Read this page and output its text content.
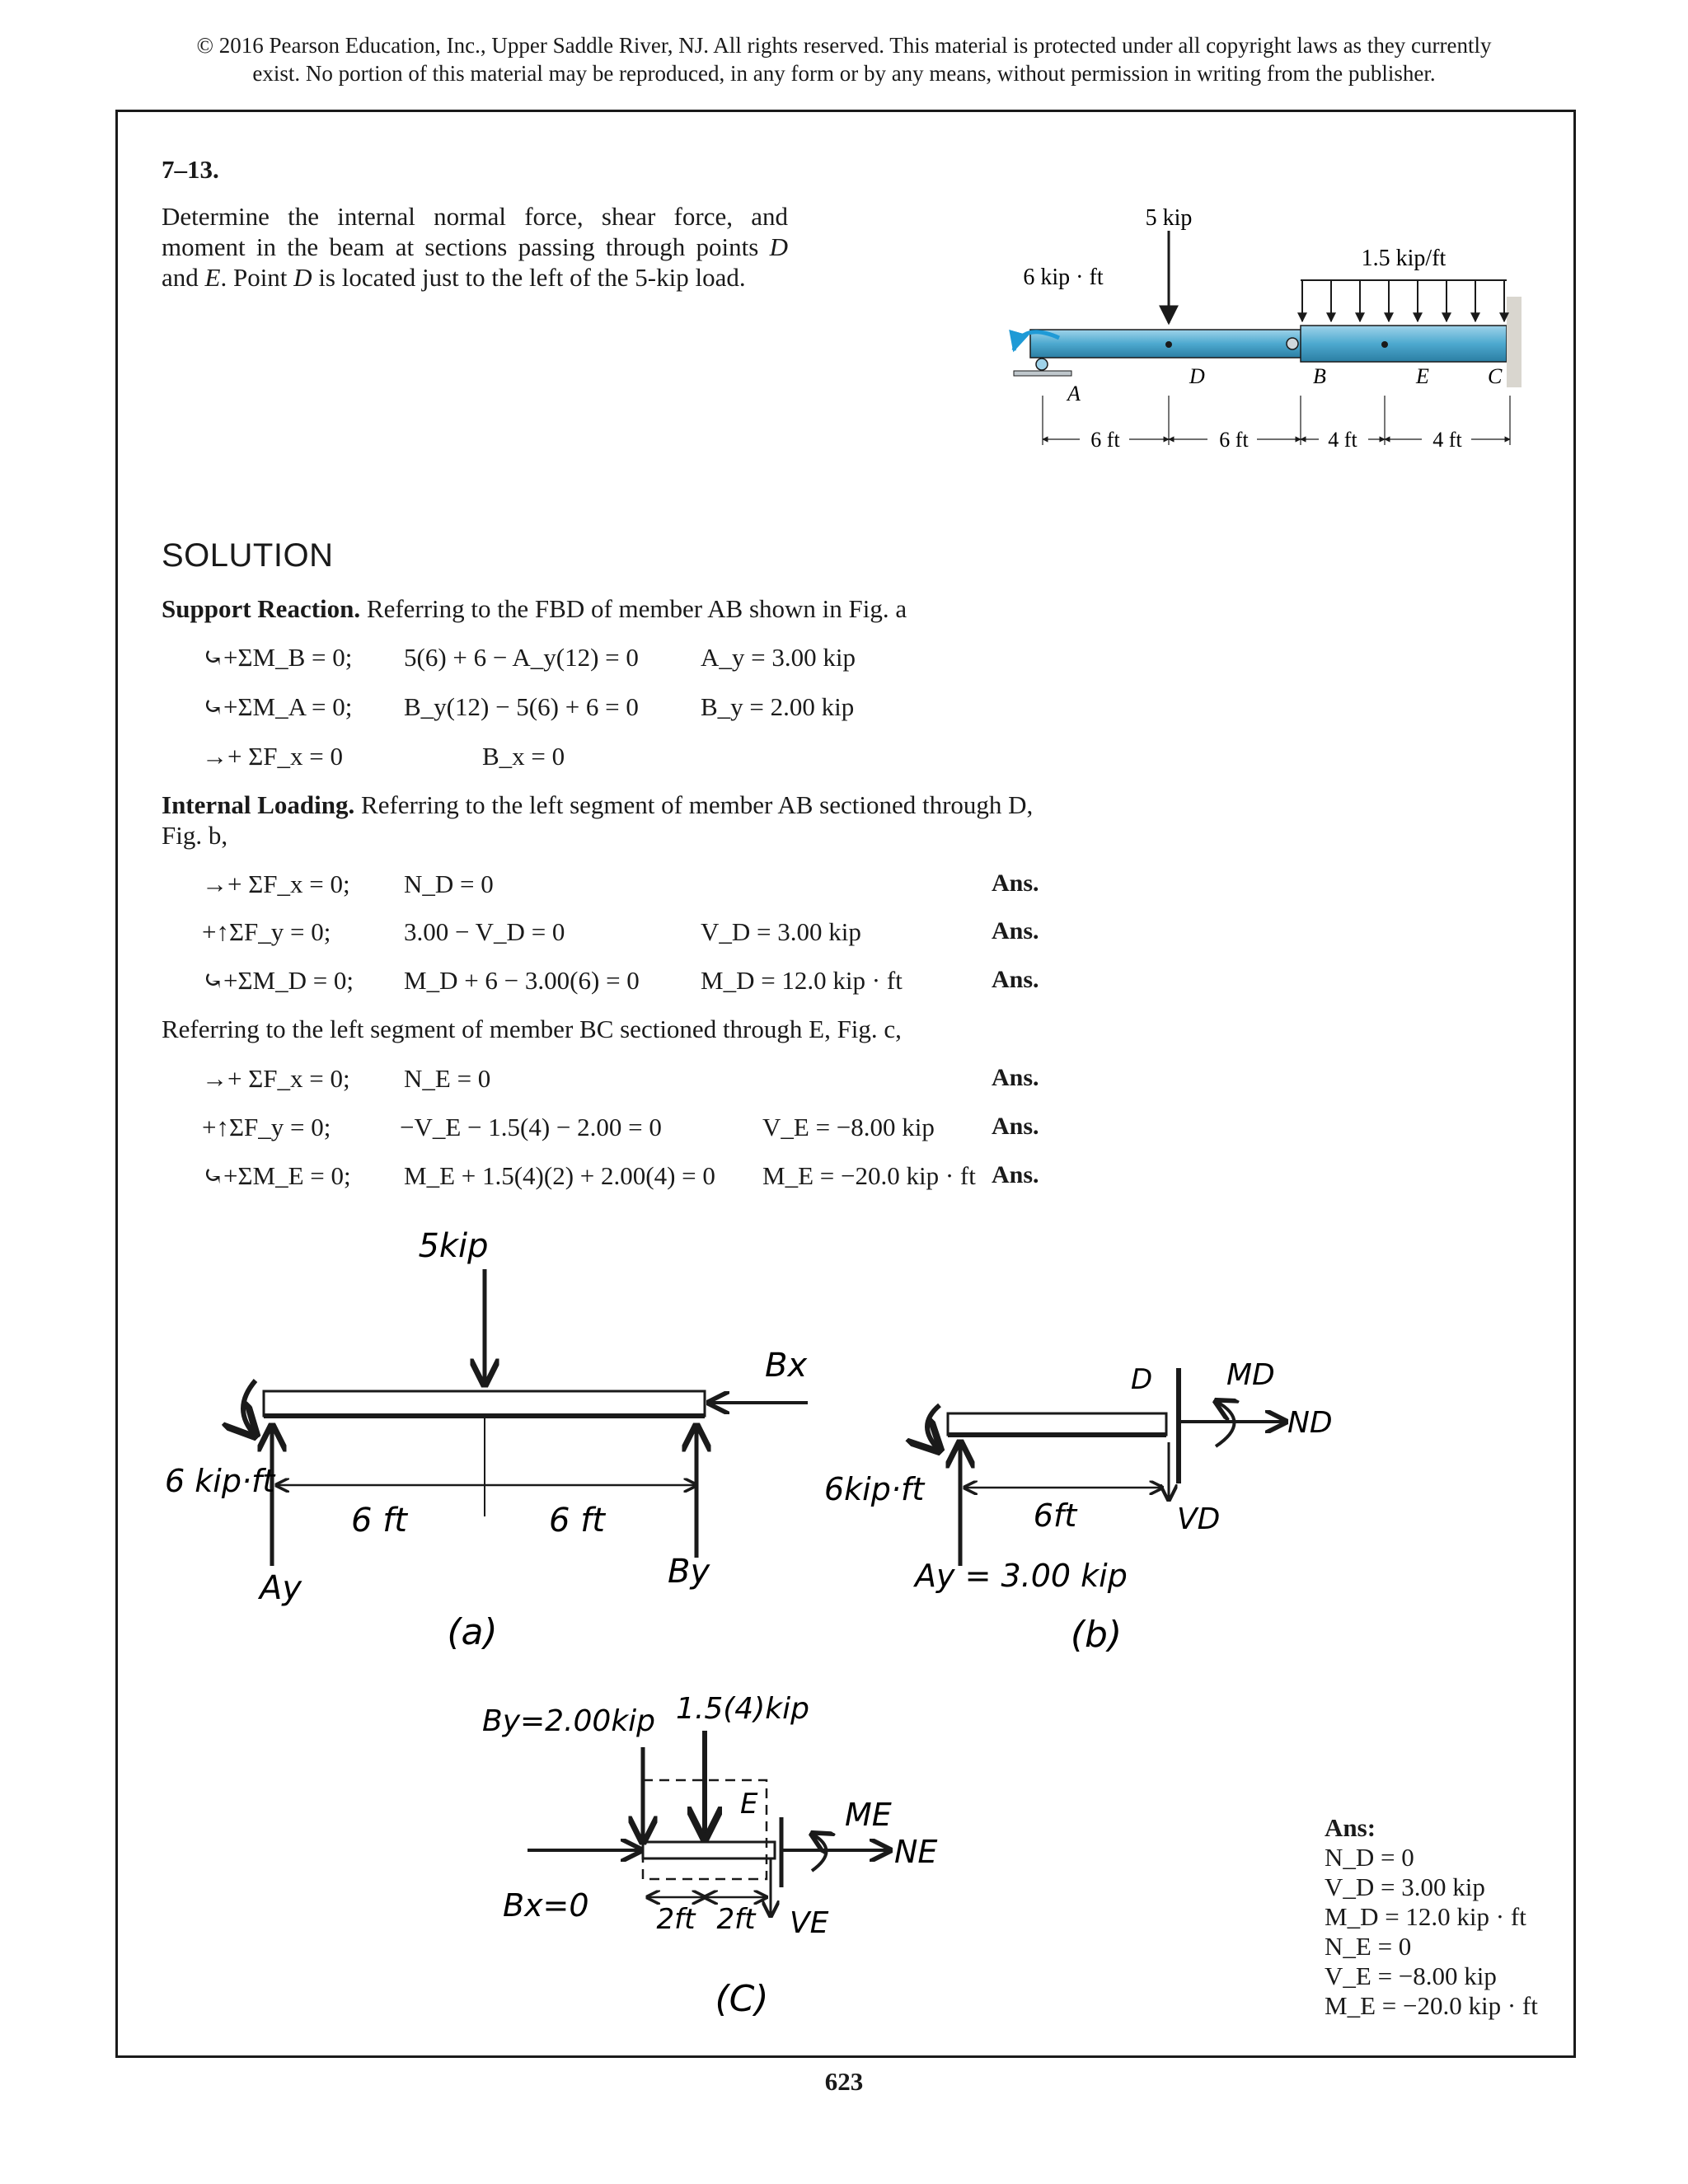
© 2016 Pearson Education, Inc., Upper Saddle River, NJ. All rights reserved. This material is protected under all copyright laws as they currently
exist. No portion of this material may be reproduced, in any form or by any means, without permission in writing from the publisher.
7–13.
Determine the internal normal force, shear force, and moment in the beam at sections passing through points D and E. Point D is located just to the left of the 5-kip load.
5 kip
1.5 kip/ft
6 kip · ft
A
D	B	E	C
6 ft	6 ft	4 ft	4 ft
SOLUTION
Support Reaction. Referring to the FBD of member AB shown in Fig. a
⤿+ΣM_B = 0; 5(6) + 6 − A_y(12) = 0 A_y = 3.00 kip
⤿+ΣM_A = 0; B_y(12) − 5(6) + 6 = 0 B_y = 2.00 kip
→+ ΣF_x = 0	B_x = 0
Internal Loading. Referring to the left segment of member AB sectioned through D,
Fig. b,
→+ ΣF_x = 0; N_D = 0	Ans.
+↑ΣF_y = 0;	3.00 − V_D = 0	V_D = 3.00 kip	Ans.
⤿+ΣM_D = 0; M_D + 6 − 3.00(6) = 0 M_D = 12.0 kip · ft	Ans.
Referring to the left segment of member BC sectioned through E, Fig. c,
→+ ΣF_x = 0; N_E = 0	Ans.
+↑ΣF_y = 0;	−V_E − 1.5(4) − 2.00 = 0	V_E = −8.00 kip Ans.
⤿+ΣM_E = 0; M_E + 1.5(4)(2) + 2.00(4) = 0 M_E = −20.0 kip · ft Ans.
5kip
6 kip·ft
6 ft	6 ft
Ay	By
Bx
(a)
6kip·ft
6ft
Ay = 3.00 kip
D MD
ND
VD
(b)
By=2.00kip 1.5(4)kip
E	ME
NE
Bx=0 2ft 2ft VE
(C)
Ans:
N_D = 0
V_D = 3.00 kip
M_D = 12.0 kip · ft
N_E = 0
V_E = −8.00 kip
M_E = −20.0 kip · ft
623
